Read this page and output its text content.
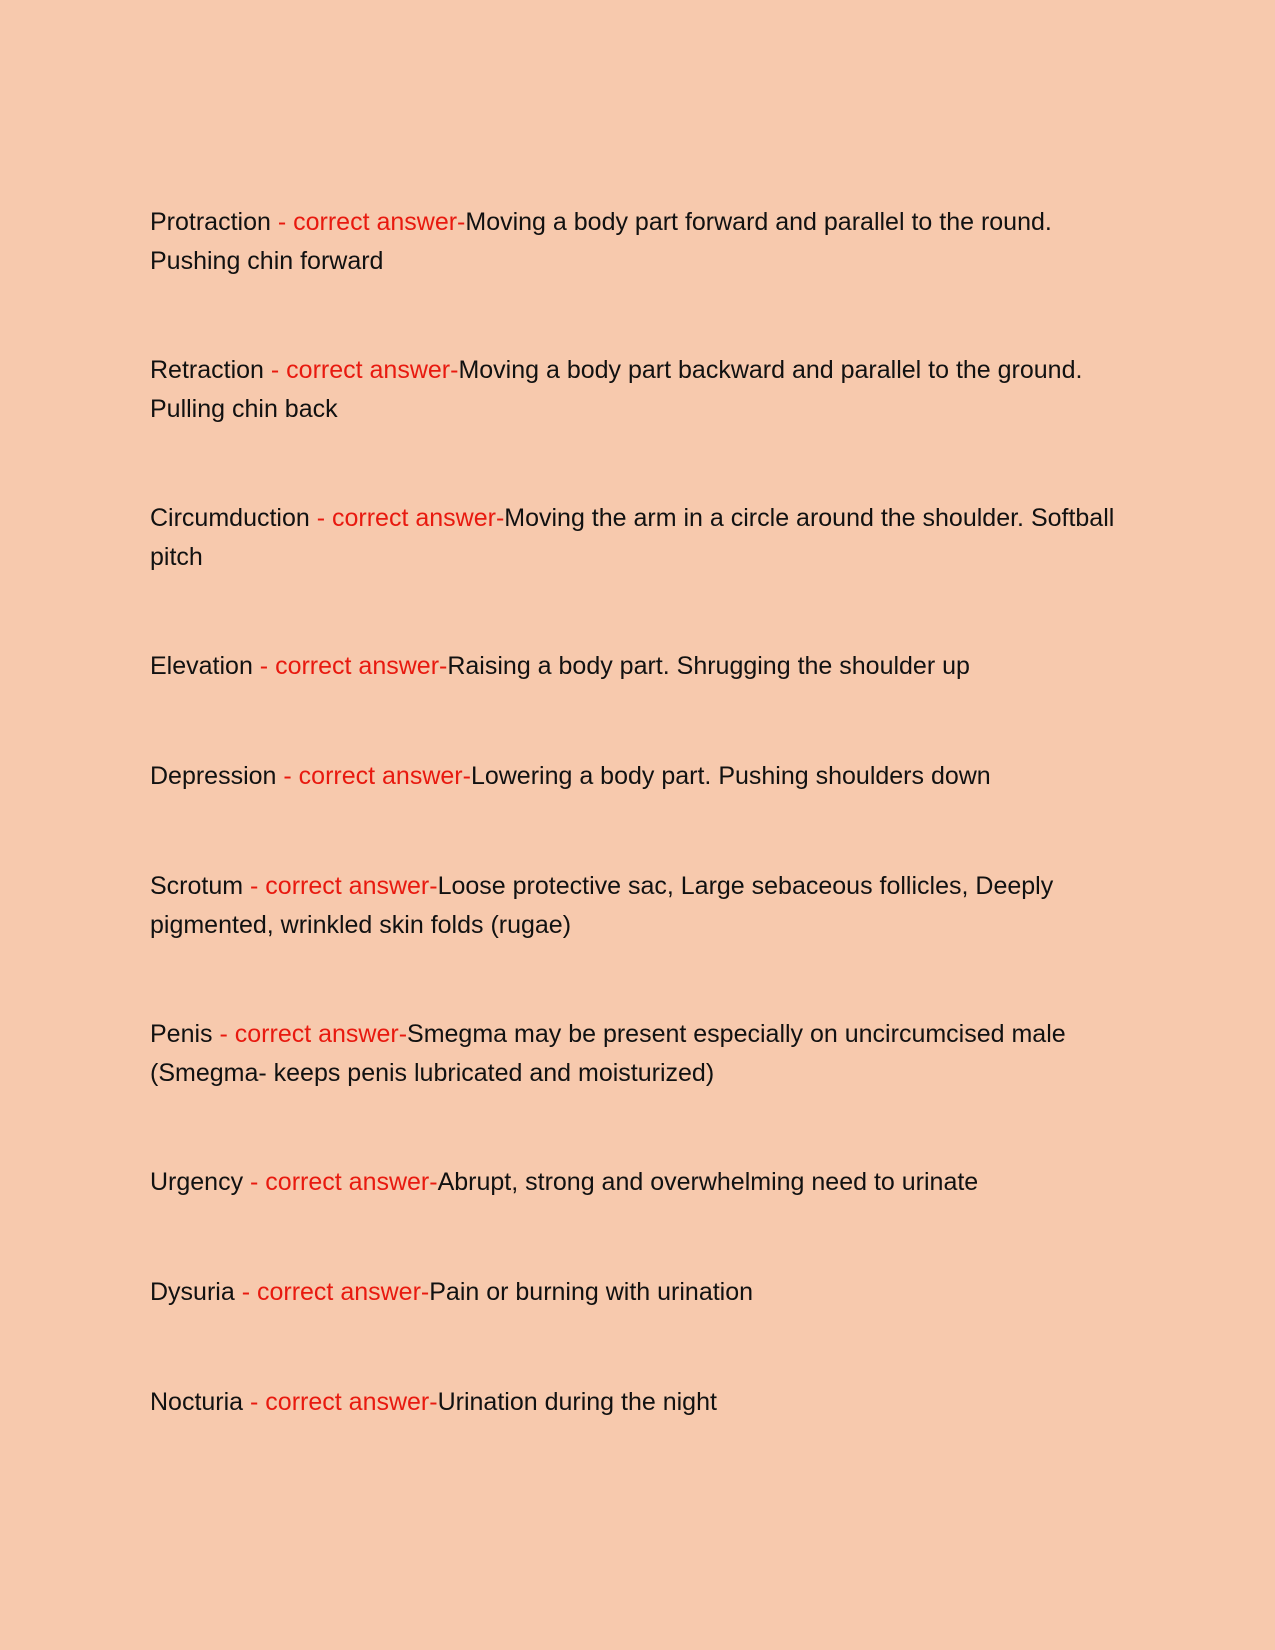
Protraction - correct answer-Moving a body part forward and parallel to the round. Pushing chin forward

Retraction - correct answer-Moving a body part backward and parallel to the ground. Pulling chin back

Circumduction - correct answer-Moving the arm in a circle around the shoulder. Softball pitch

Elevation - correct answer-Raising a body part. Shrugging the shoulder up

Depression - correct answer-Lowering a body part. Pushing shoulders down

Scrotum - correct answer-Loose protective sac, Large sebaceous follicles, Deeply pigmented, wrinkled skin folds (rugae)

Penis - correct answer-Smegma may be present especially on uncircumcised male (Smegma- keeps penis lubricated and moisturized)

Urgency - correct answer-Abrupt, strong and overwhelming need to urinate

Dysuria - correct answer-Pain or burning with urination

Nocturia - correct answer-Urination during the night
